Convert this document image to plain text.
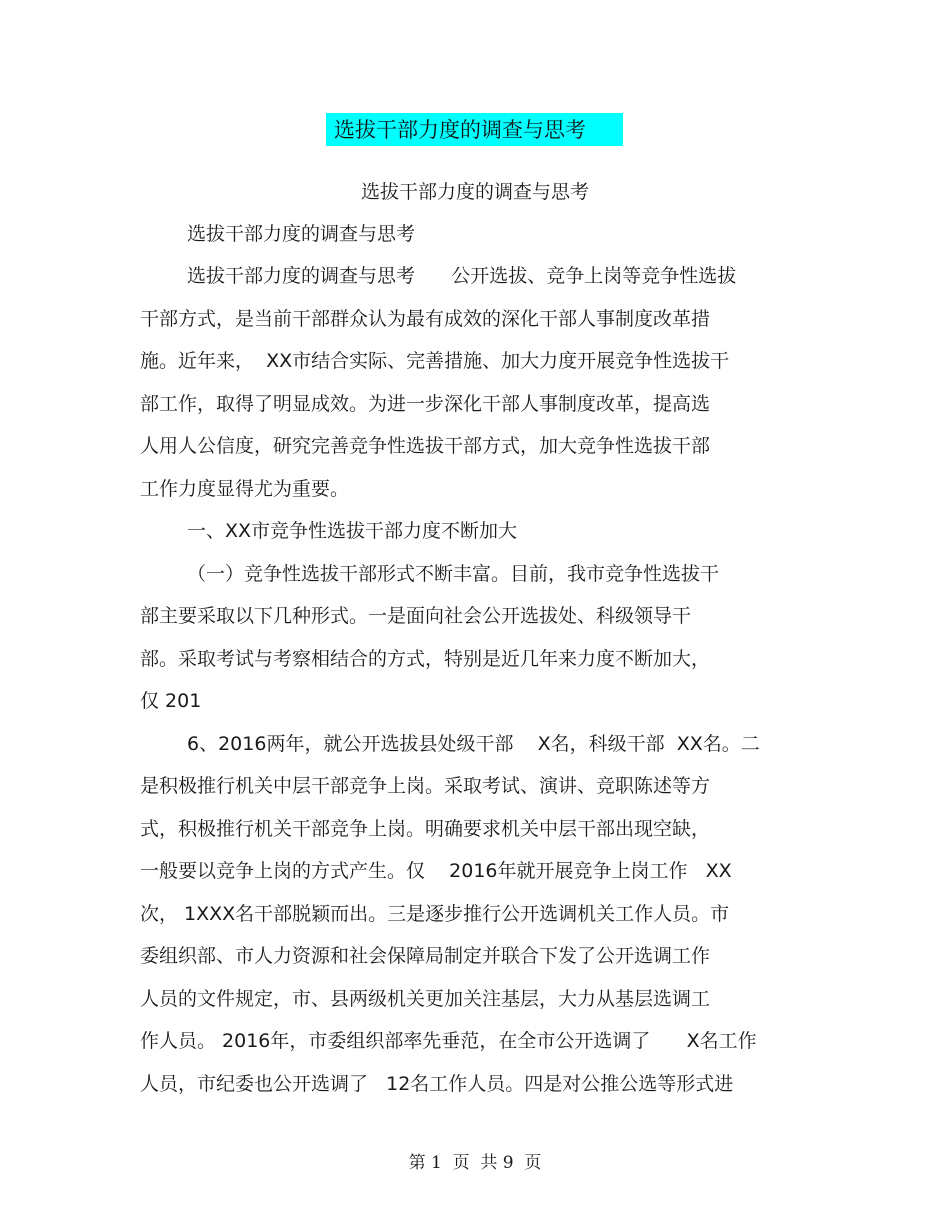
选拔干部力度的调查与思考
选拔干部力度的调查与思考
选拔干部力度的调查与思考
选拔干部力度的调查与思考      公开选拔、竞争上岗等竞争性选拔
干部方式，是当前干部群众认为最有成效的深化干部人事制度改革措
施。近年来，  XX市结合实际、完善措施、加大力度开展竞争性选拔干
部工作，取得了明显成效。为进一步深化干部人事制度改革，提高选
人用人公信度，研究完善竞争性选拔干部方式，加大竞争性选拔干部
工作力度显得尤为重要。
一、XX市竞争性选拔干部力度不断加大
（一）竞争性选拔干部形式不断丰富。目前，我市竞争性选拔干
部主要采取以下几种形式。一是面向社会公开选拔处、科级领导干
部。采取考试与考察相结合的方式，特别是近几年来力度不断加大，
仅 201
6、2016两年，就公开选拔县处级干部    X名，科级干部  XX名。二
是积极推行机关中层干部竞争上岗。采取考试、演讲、竞职陈述等方
式，积极推行机关干部竞争上岗。明确要求机关中层干部出现空缺，
一般要以竞争上岗的方式产生。仅    2016年就开展竞争上岗工作   XX
次， 1XXX名干部脱颖而出。三是逐步推行公开选调机关工作人员。市
委组织部、市人力资源和社会保障局制定并联合下发了公开选调工作
人员的文件规定，市、县两级机关更加关注基层，大力从基层选调工
作人员。 2016年，市委组织部率先垂范，在全市公开选调了      X名工作
人员，市纪委也公开选调了   12名工作人员。四是对公推公选等形式进
第 1  页  共 9  页
